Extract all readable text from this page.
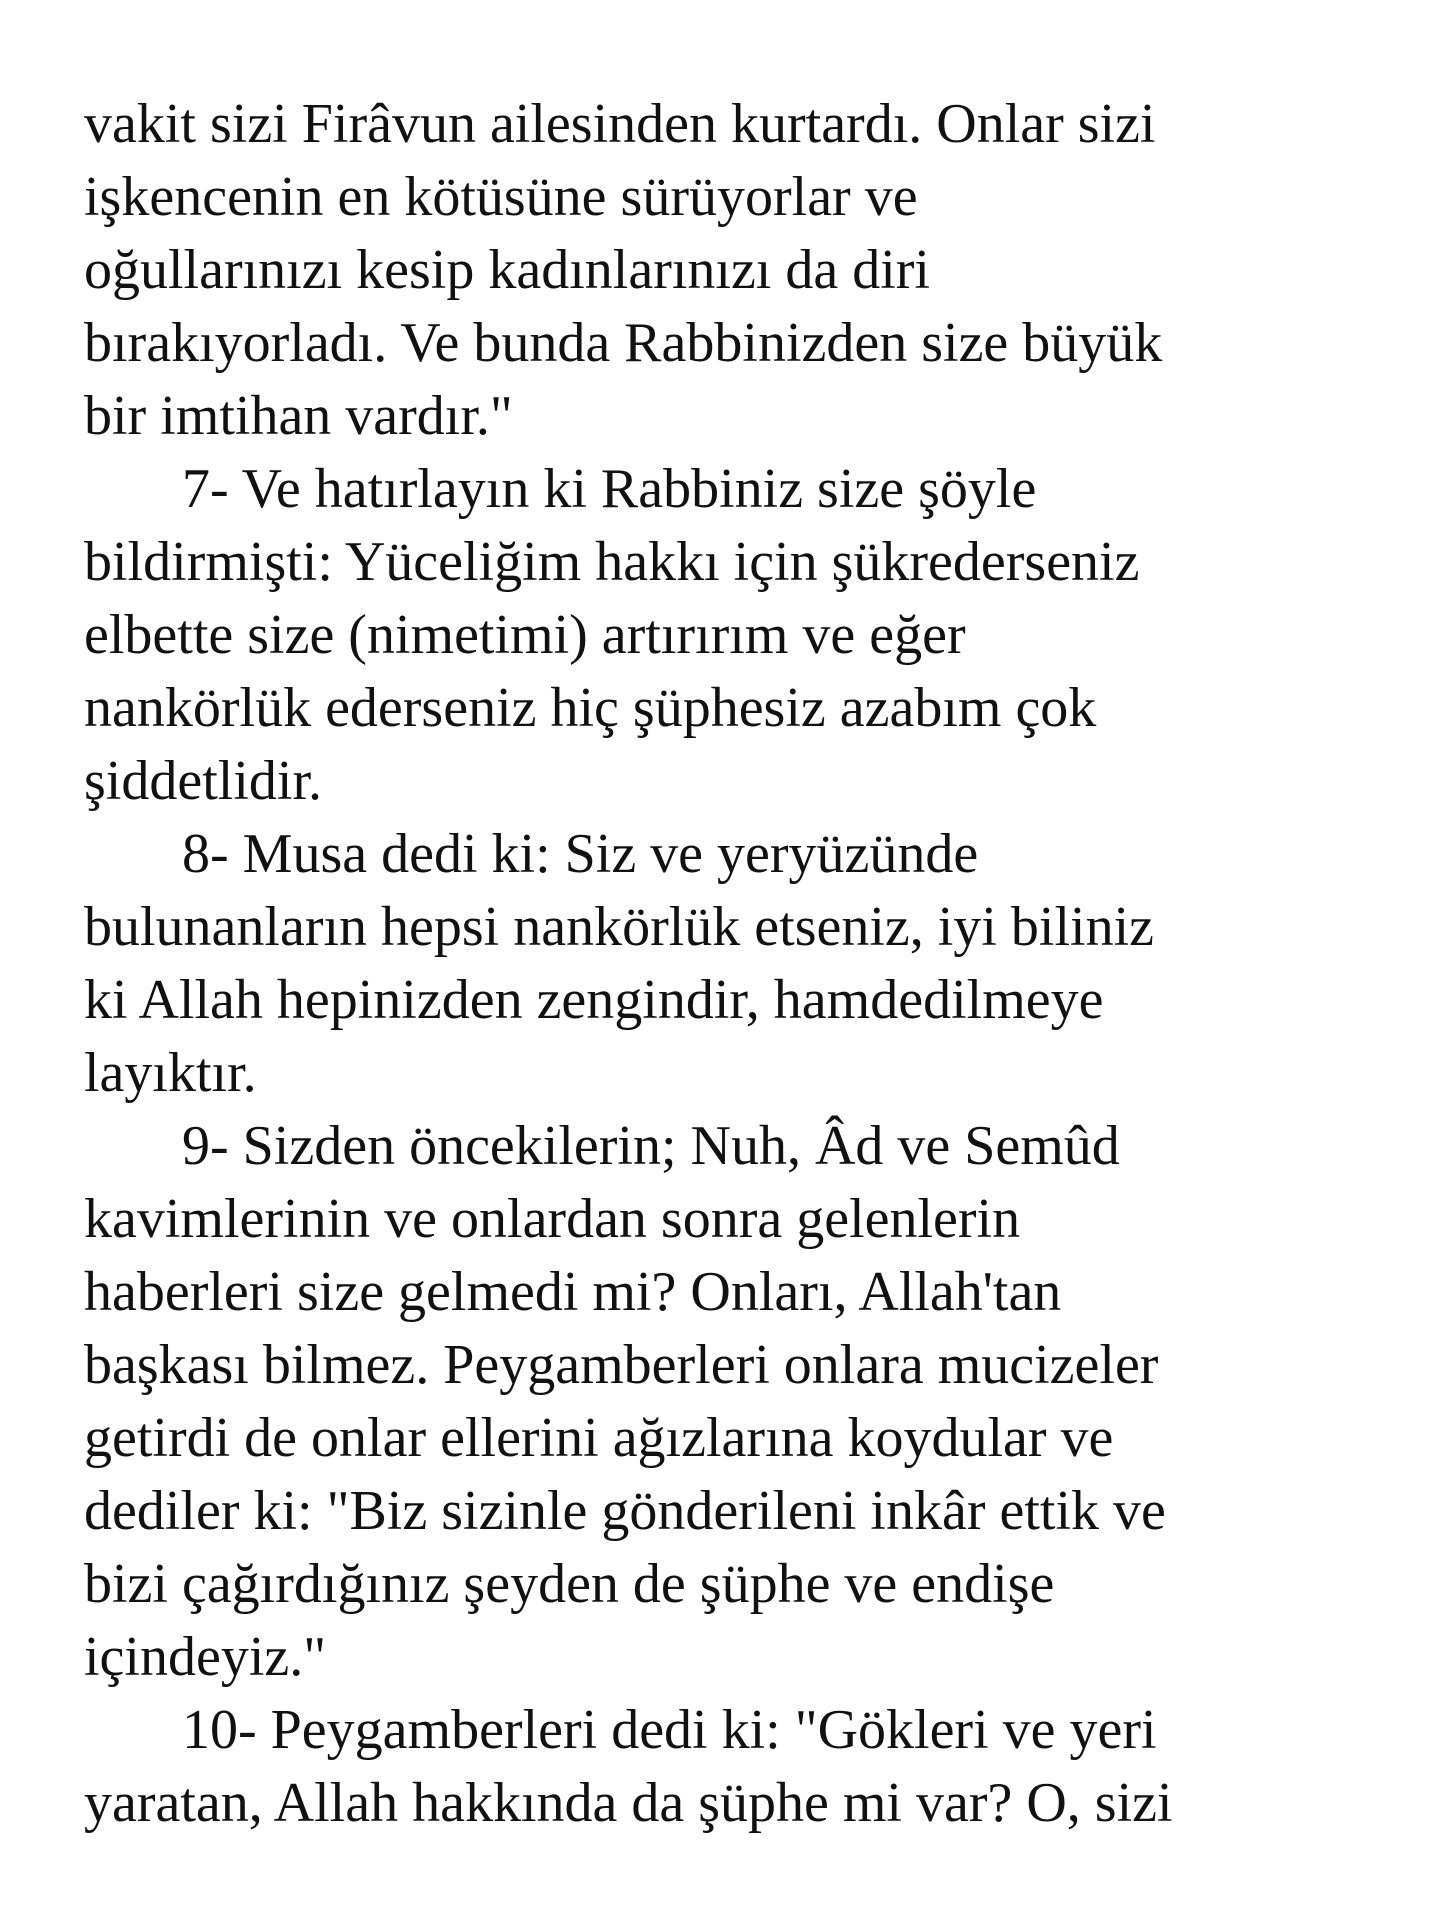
vakit sizi Firâvun ailesinden kurtardı. Onlar sizi
işkencenin en kötüsüne sürüyorlar ve
oğullarınızı kesip kadınlarınızı da diri
bırakıyorladı. Ve bunda Rabbinizden size büyük
bir imtihan vardır."
7- Ve hatırlayın ki Rabbiniz size şöyle
bildirmişti: Yüceliğim hakkı için şükrederseniz
elbette size (nimetimi) artırırım ve eğer
nankörlük ederseniz hiç şüphesiz azabım çok
şiddetlidir.
8- Musa dedi ki: Siz ve yeryüzünde
bulunanların hepsi nankörlük etseniz, iyi biliniz
ki Allah hepinizden zengindir, hamdedilmeye
layıktır.
9- Sizden öncekilerin; Nuh, Âd ve Semûd
kavimlerinin ve onlardan sonra gelenlerin
haberleri size gelmedi mi? Onları, Allah'tan
başkası bilmez. Peygamberleri onlara mucizeler
getirdi de onlar ellerini ağızlarına koydular ve
dediler ki: "Biz sizinle gönderileni inkâr ettik ve
bizi çağırdığınız şeyden de şüphe ve endişe
içindeyiz."
10- Peygamberleri dedi ki: "Gökleri ve yeri
yaratan, Allah hakkında da şüphe mi var? O, sizi
